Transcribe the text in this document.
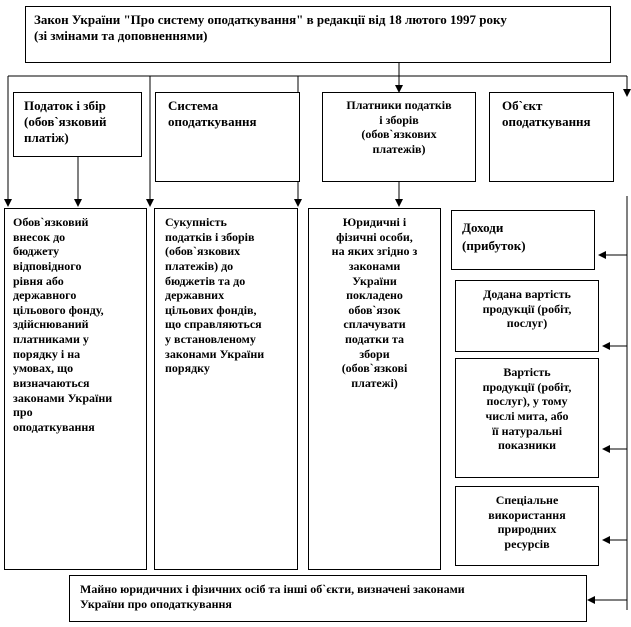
Закон України "Про систему оподаткування" в редакції від 18 лютого 1997 року
(зі змінами та доповненнями)
Податок і збір
(обов`язковий
платіж)
Система
оподаткування
Платники податків
і зборів
(обов`язкових
платежів)
Об`єкт
оподаткування
Обов`язковий
внесок до
бюджету
відповідного
рівня або
державного
цільового фонду,
здійснюваний
платниками у
порядку і на
умовах, що
визначаються
законами України
про
оподаткування
Сукупність
податків і зборів
(обов`язкових
платежів) до
бюджетів та до
державних
цільових фондів,
що справляються
у встановленому
законами України
порядку
Юридичні і
фізичні особи,
на яких згідно з
законами
України
покладено
обов`язок
сплачувати
податки та
збори
(обов`язкові
платежі)
Доходи
(прибуток)
Додана вартість
продукції (робіт,
послуг)
Вартість
продукції (робіт,
послуг), у тому
числі мита, або
її натуральні
показники
Спеціальне
використання
природних
ресурсів
Майно юридичних і фізичних осіб та інші об`єкти, визначені законами
України про оподаткування
